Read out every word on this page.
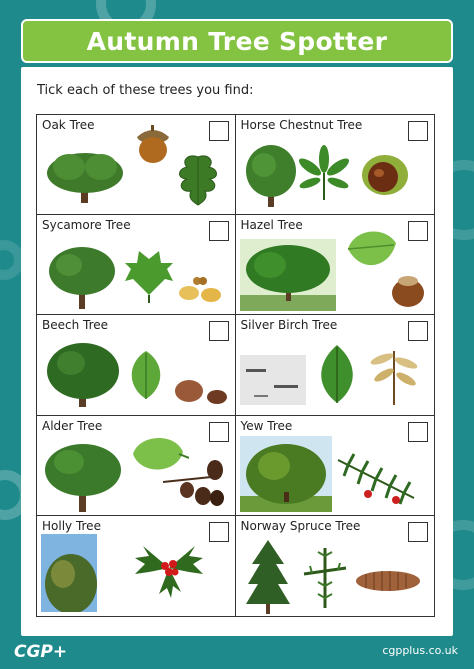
Autumn Tree Spotter
Tick each of these trees you find:
Oak Tree	Horse Chestnut Tree
Sycamore Tree	Hazel Tree
Beech Tree	Silver Birch Tree
Alder Tree	Yew Tree
Holly Tree	Norway Spruce Tree
CGP+	cgpplus.co.uk
